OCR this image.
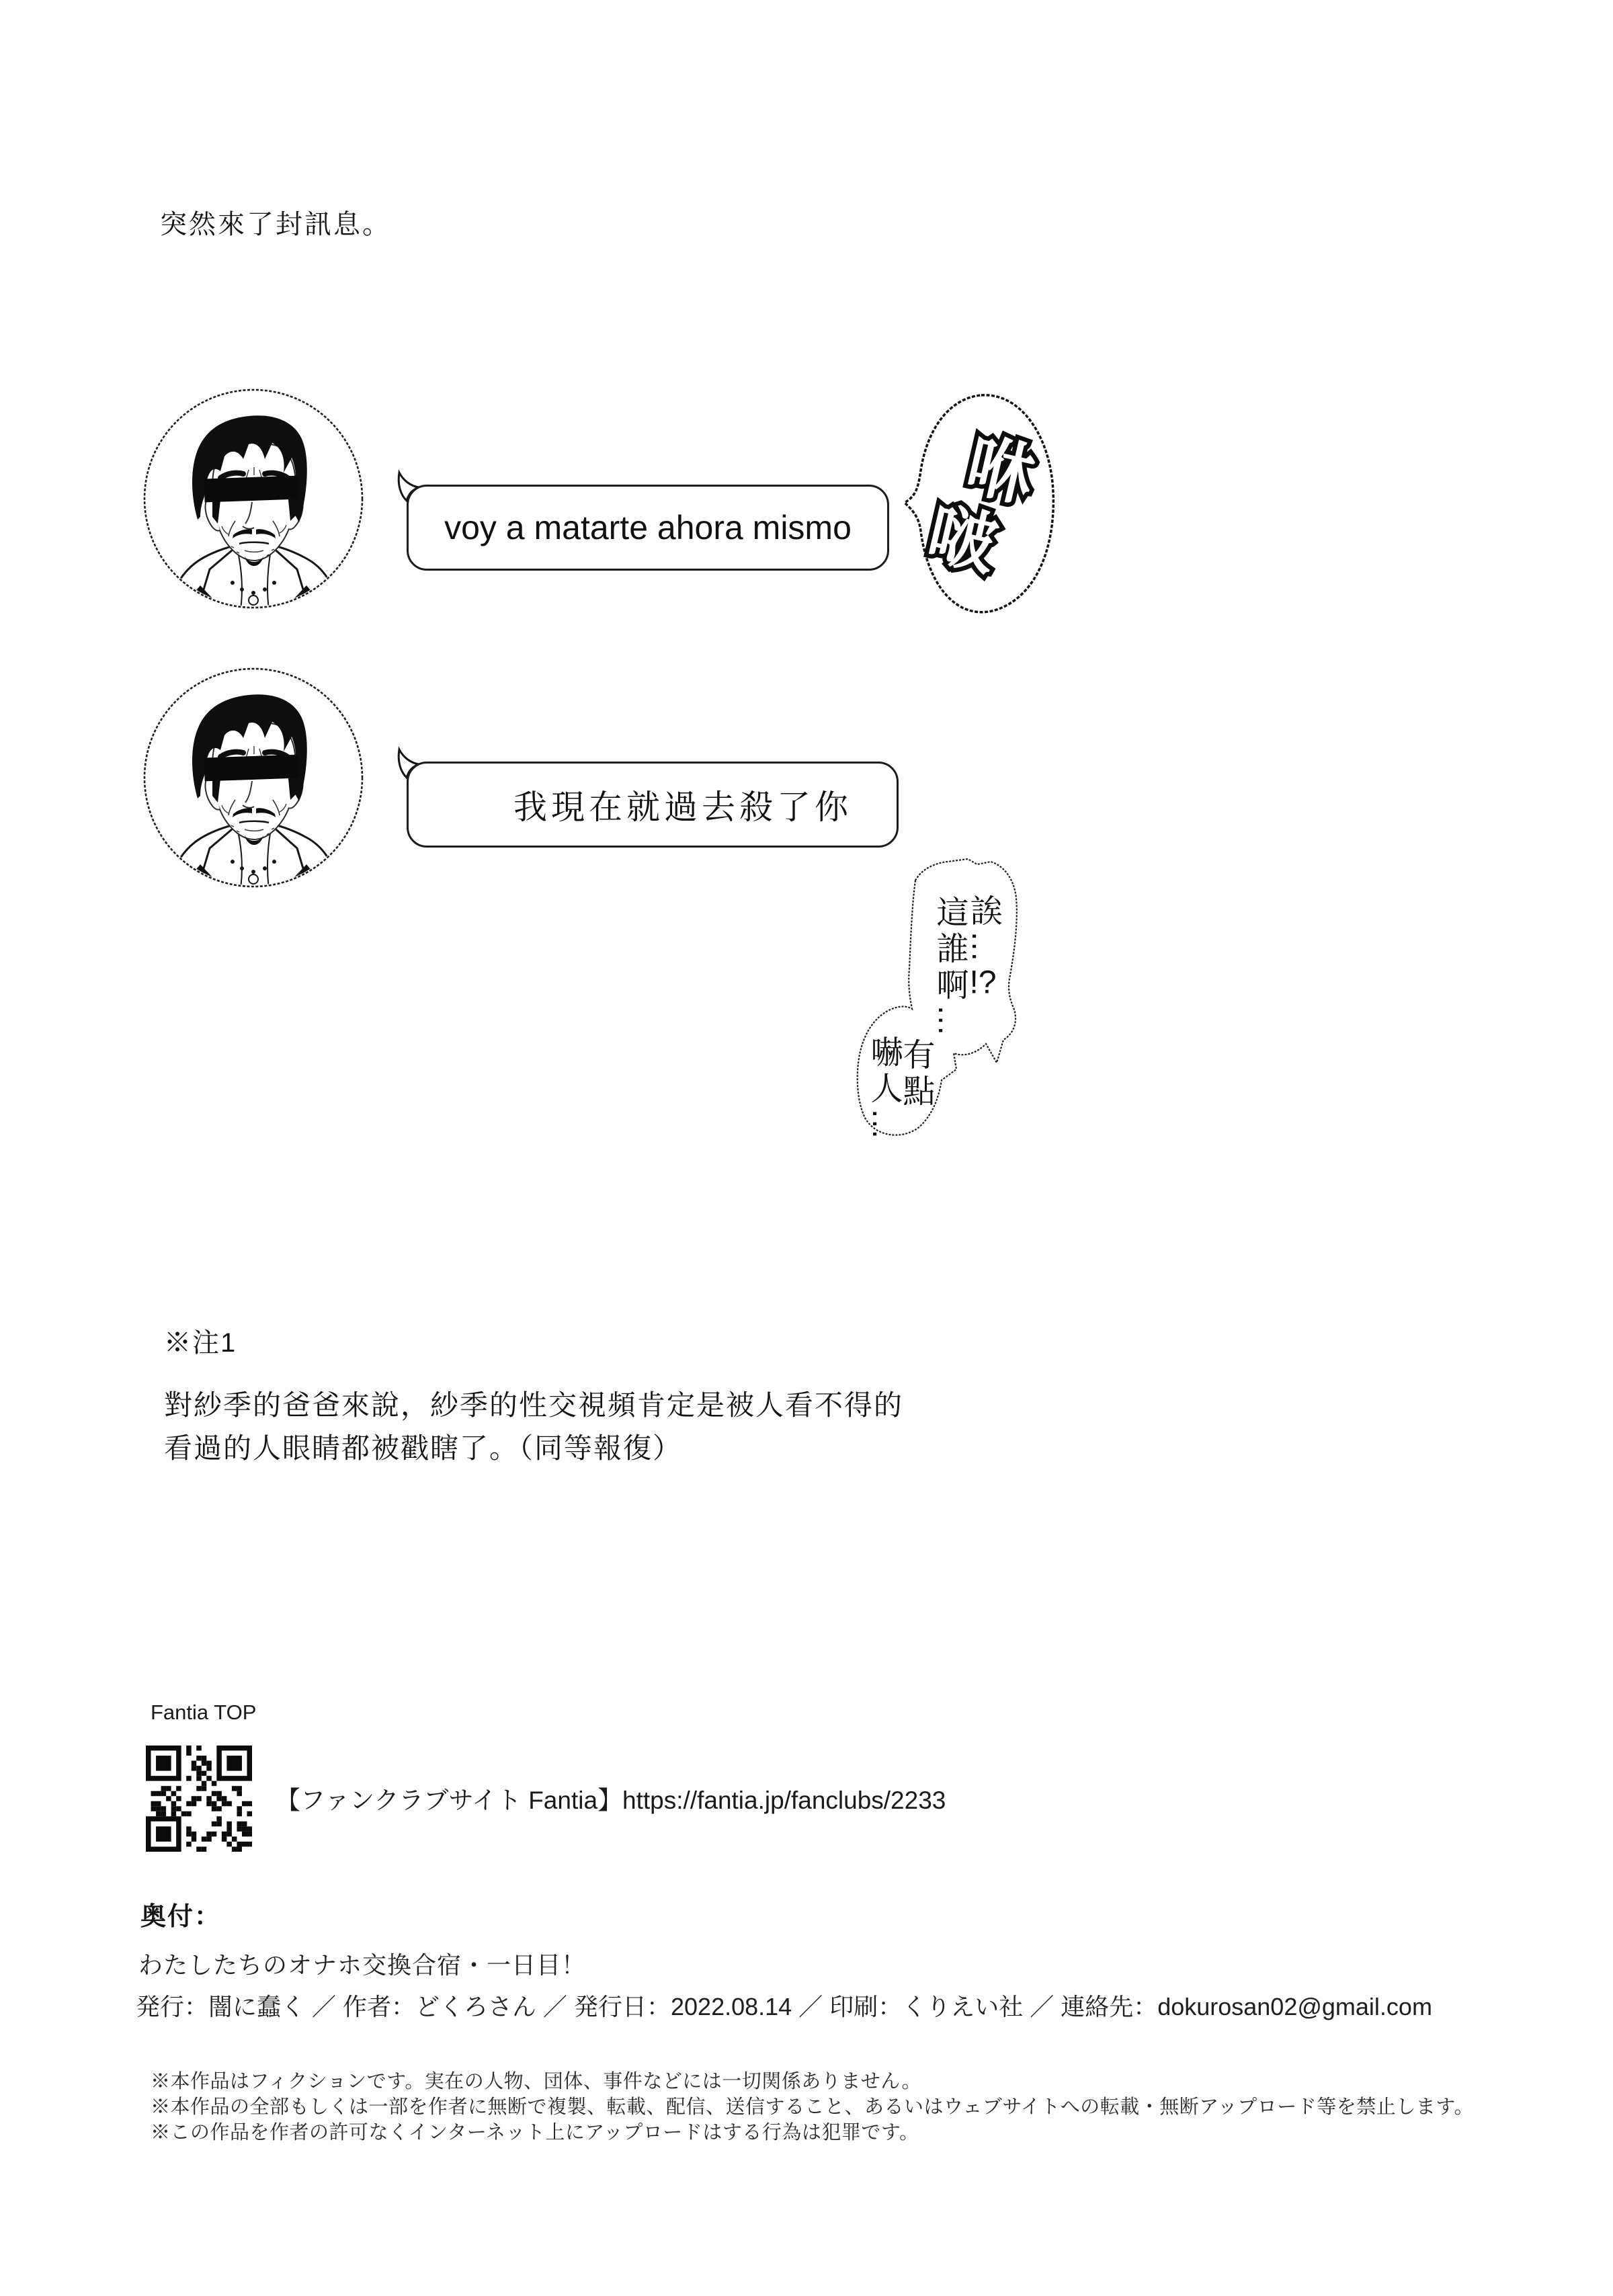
突然來了封訊息。
voy a matarte ahora mismo
咻
啵
我現在就過去殺了你
誒…!?
這誰啊…
有點
嚇人…
※注1
對紗季的爸爸來說，紗季的性交視頻肯定是被人看不得的
看過的人眼睛都被戳瞎了。（同等報復）
Fantia TOP
【ファンクラブサイト Fantia】https://fantia.jp/fanclubs/2233
奥付：
わたしたちのオナホ交換合宿・一日目！
発行：闇に蠢く ／ 作者：どくろさん ／ 発行日：2022.08.14 ／ 印刷：くりえい社 ／ 連絡先：dokurosan02@gmail.com
※本作品はフィクションです。実在の人物、団体、事件などには一切関係ありません。
※本作品の全部もしくは一部を作者に無断で複製、転載、配信、送信すること、あるいはウェブサイトへの転載・無断アップロード等を禁止します。
※この作品を作者の許可なくインターネット上にアップロードはする行為は犯罪です。
